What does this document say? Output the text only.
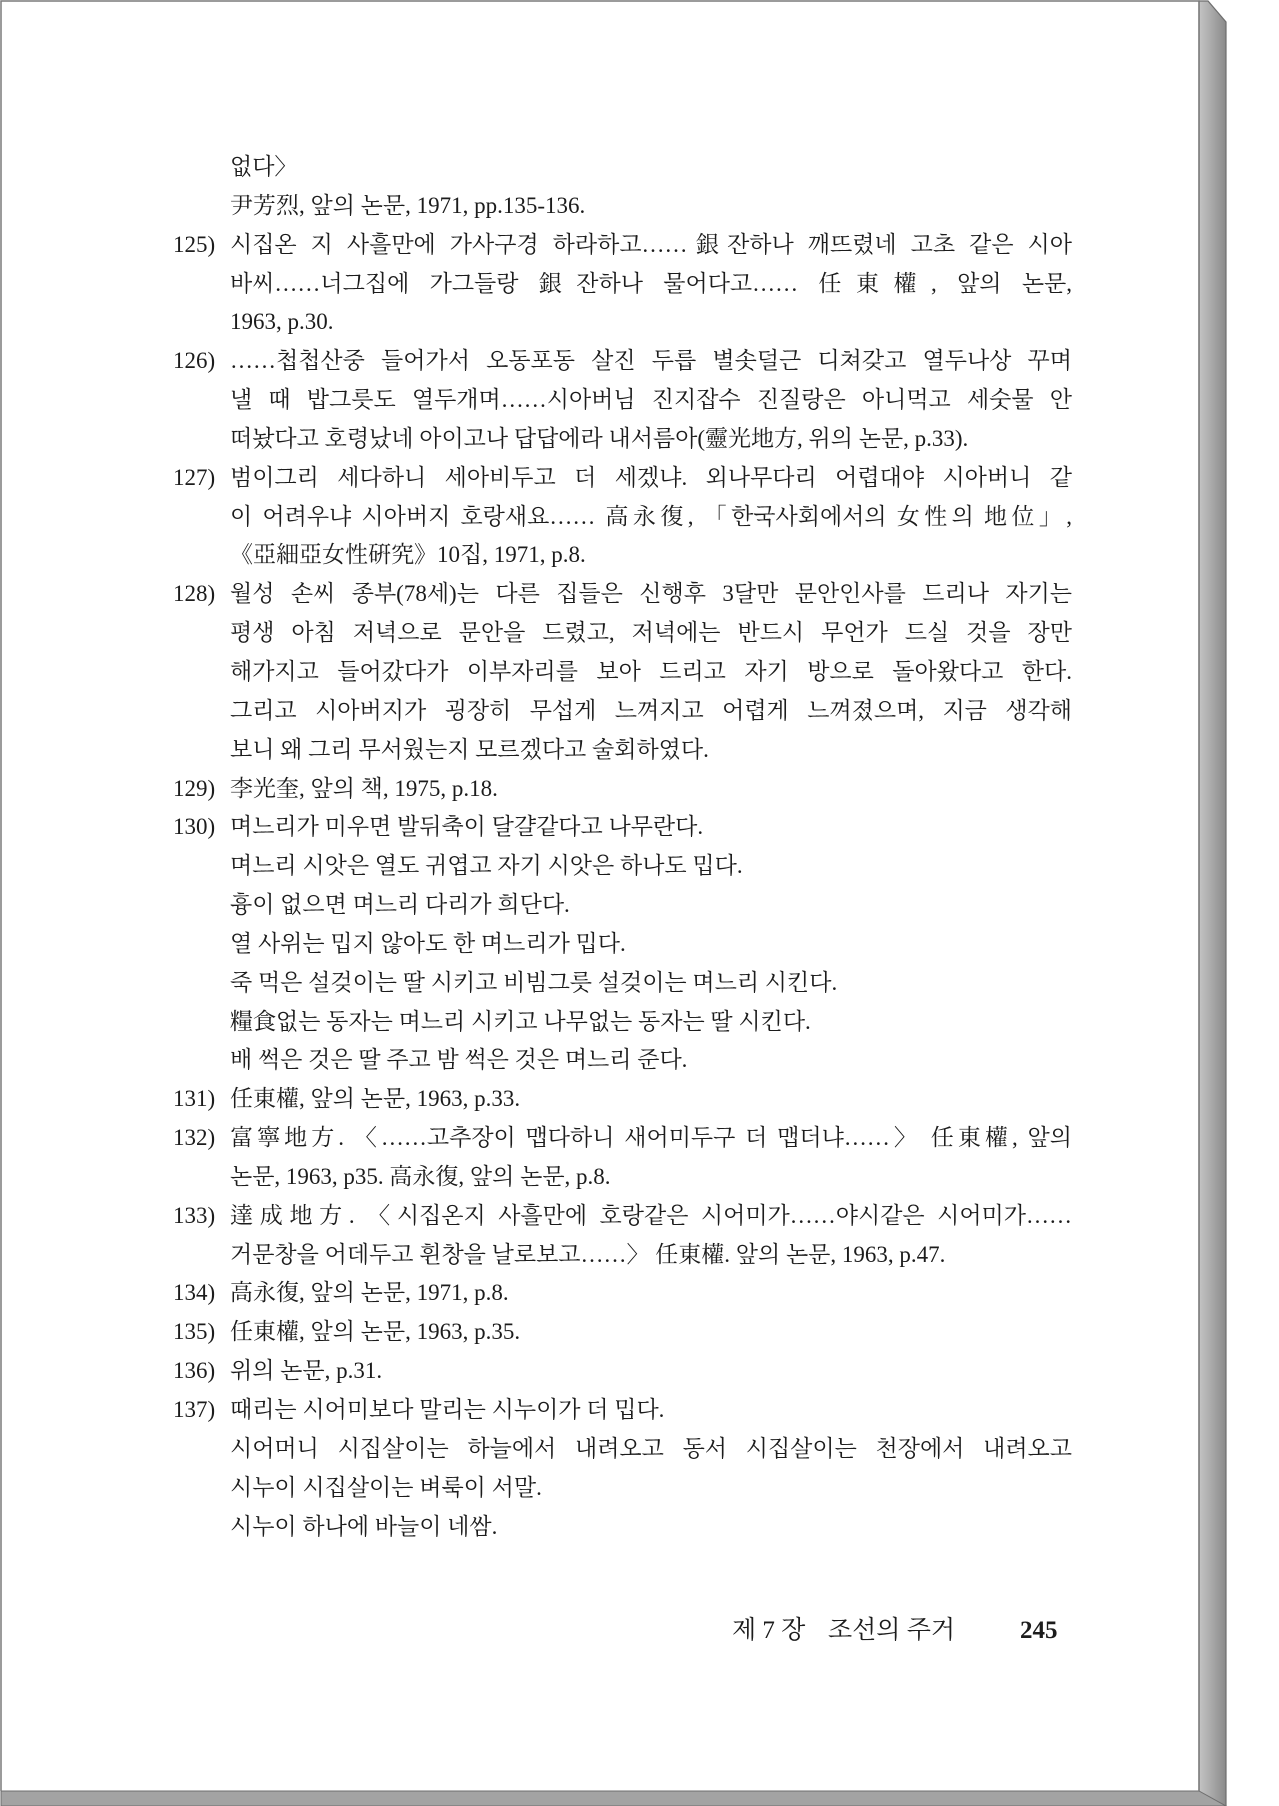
없다〉
尹芳烈, 앞의 논문, 1971, pp.135-136.
125) 시집온 지 사흘만에 가사구경 하라하고……銀잔하나 깨뜨렸네 고초 같은 시아
바씨……너그집에 가그들랑 銀잔하나 물어다고…… 任東權, 앞의 논문,
1963, p.30.
126) ……첩첩산중 들어가서 오동포동 살진 두릅 별솟덜근 디쳐갖고 열두나상 꾸며
낼 때 밥그릇도 열두개며……시아버님 진지잡수 진질랑은 아니먹고 세숫물 안
떠놨다고 호령났네 아이고나 답답에라 내서름아(靈光地方, 위의 논문, p.33).
127) 범이그리 세다하니 세아비두고 더 세겠냐. 외나무다리 어렵대야 시아버니 같
이 어려우냐 시아버지 호랑새요…… 高永復, 「한국사회에서의 女性의 地位」,
《亞細亞女性硏究》10집, 1971, p.8.
128) 월성 손씨 종부(78세)는 다른 집들은 신행후 3달만 문안인사를 드리나 자기는
평생 아침 저녁으로 문안을 드렸고, 저녁에는 반드시 무언가 드실 것을 장만
해가지고 들어갔다가 이부자리를 보아 드리고 자기 방으로 돌아왔다고 한다.
그리고 시아버지가 굉장히 무섭게 느껴지고 어렵게 느껴졌으며, 지금 생각해
보니 왜 그리 무서웠는지 모르겠다고 술회하였다.
129) 李光奎, 앞의 책, 1975, p.18.
130) 며느리가 미우면 발뒤축이 달걀같다고 나무란다.
며느리 시앗은 열도 귀엽고 자기 시앗은 하나도 밉다.
흉이 없으면 며느리 다리가 희단다.
열 사위는 밉지 않아도 한 며느리가 밉다.
죽 먹은 설겆이는 딸 시키고 비빔그릇 설겆이는 며느리 시킨다.
糧食없는 동자는 며느리 시키고 나무없는 동자는 딸 시킨다.
배 썩은 것은 딸 주고 밤 썩은 것은 며느리 준다.
131) 任東權, 앞의 논문, 1963, p.33.
132) 富寧地方. 〈……고추장이 맵다하니 새어미두구 더 맵더냐……〉 任東權, 앞의
논문, 1963, p35. 高永復, 앞의 논문, p.8.
133) 達成地方. 〈시집온지 사흘만에 호랑같은 시어미가……야시같은 시어미가……
거문창을 어데두고 휜창을 날로보고……〉 任東權. 앞의 논문, 1963, p.47.
134) 高永復, 앞의 논문, 1971, p.8.
135) 任東權, 앞의 논문, 1963, p.35.
136) 위의 논문, p.31.
137) 때리는 시어미보다 말리는 시누이가 더 밉다.
시어머니 시집살이는 하늘에서 내려오고 동서 시집살이는 천장에서 내려오고
시누이 시집살이는 벼룩이 서말.
시누이 하나에 바늘이 네쌈.
제 7 장 조선의 주거	245
